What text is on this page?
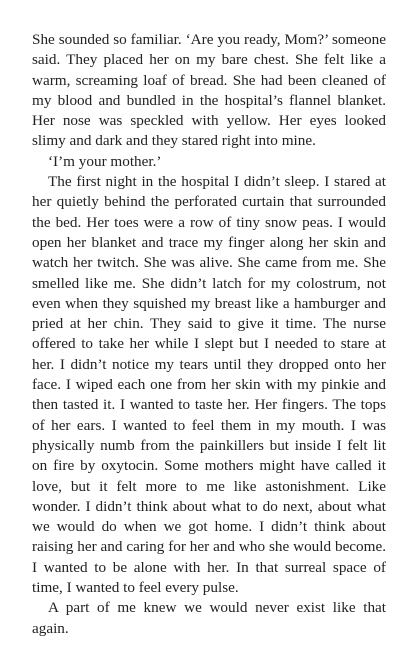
She sounded so familiar. ‘Are you ready, Mom?’ someone said. They placed her on my bare chest. She felt like a warm, screaming loaf of bread. She had been cleaned of my blood and bundled in the hospital’s flannel blanket. Her nose was speckled with yellow. Her eyes looked slimy and dark and they stared right into mine.

‘I’m your mother.’

The first night in the hospital I didn’t sleep. I stared at her quietly behind the perforated curtain that surrounded the bed. Her toes were a row of tiny snow peas. I would open her blanket and trace my finger along her skin and watch her twitch. She was alive. She came from me. She smelled like me. She didn’t latch for my colostrum, not even when they squished my breast like a hamburger and pried at her chin. They said to give it time. The nurse offered to take her while I slept but I needed to stare at her. I didn’t notice my tears until they dropped onto her face. I wiped each one from her skin with my pinkie and then tasted it. I wanted to taste her. Her fingers. The tops of her ears. I wanted to feel them in my mouth. I was physically numb from the painkillers but inside I felt lit on fire by oxytocin. Some mothers might have called it love, but it felt more to me like astonishment. Like wonder. I didn’t think about what to do next, about what we would do when we got home. I didn’t think about raising her and caring for her and who she would become. I wanted to be alone with her. In that surreal space of time, I wanted to feel every pulse.

A part of me knew we would never exist like that again.
